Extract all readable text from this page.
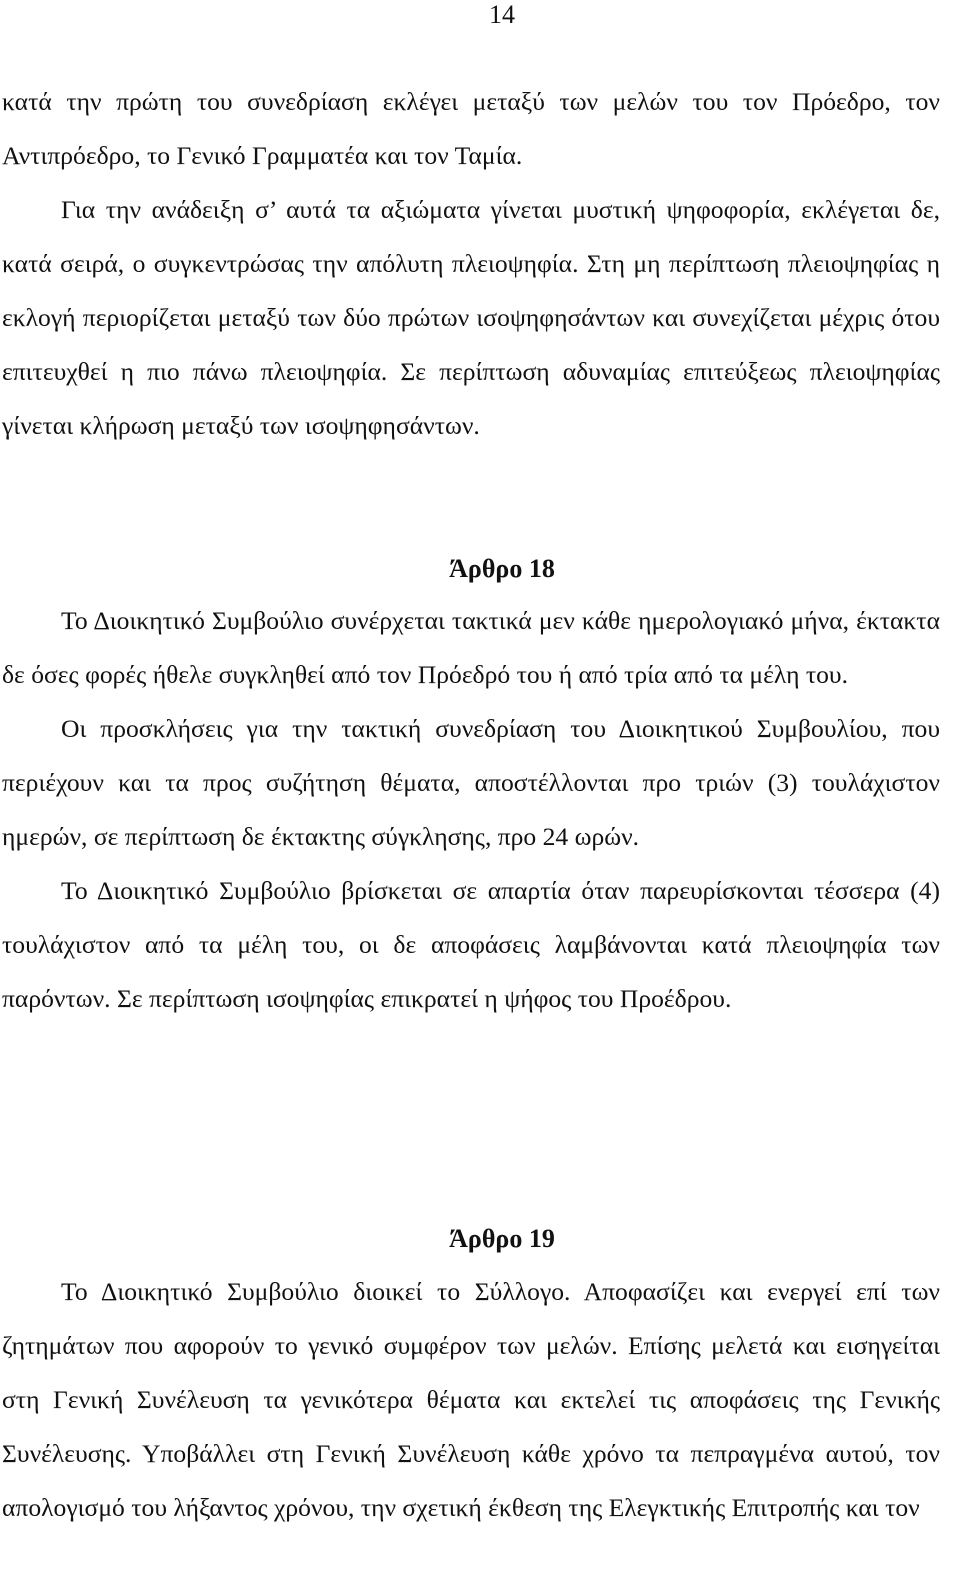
14

κατά την πρώτη του συνεδρίαση εκλέγει μεταξύ των μελών του τον Πρόεδρο, τον Αντιπρόεδρο, το Γενικό Γραμματέα και τον Ταμία.

Για την ανάδειξη σ’ αυτά τα αξιώματα γίνεται μυστική ψηφοφορία, εκλέγεται δε, κατά σειρά, ο συγκεντρώσας την απόλυτη πλειοψηφία. Στη μη περίπτωση πλειοψηφίας η εκλογή περιορίζεται μεταξύ των δύο πρώτων ισοψηφησάντων και συνεχίζεται μέχρις ότου επιτευχθεί η πιο πάνω πλειοψηφία. Σε περίπτωση αδυναμίας επιτεύξεως πλειοψηφίας γίνεται κλήρωση μεταξύ των ισοψηφησάντων.

Άρθρο 18

Το Διοικητικό Συμβούλιο συνέρχεται τακτικά μεν κάθε ημερολογιακό μήνα, έκτακτα δε όσες φορές ήθελε συγκληθεί από τον Πρόεδρό του ή από τρία από τα μέλη του.

Οι προσκλήσεις για την τακτική συνεδρίαση του Διοικητικού Συμβουλίου, που περιέχουν και τα προς συζήτηση θέματα, αποστέλλονται προ τριών (3) τουλάχιστον ημερών, σε περίπτωση δε έκτακτης σύγκλησης, προ 24 ωρών.

Το Διοικητικό Συμβούλιο βρίσκεται σε απαρτία όταν παρευρίσκονται τέσσερα (4) τουλάχιστον από τα μέλη του, οι δε αποφάσεις λαμβάνονται κατά πλειοψηφία των παρόντων. Σε περίπτωση ισοψηφίας επικρατεί η ψήφος του Προέδρου.

Άρθρο 19

Το Διοικητικό Συμβούλιο διοικεί το Σύλλογο. Αποφασίζει και ενεργεί επί των ζητημάτων που αφορούν το γενικό συμφέρον των μελών. Επίσης μελετά και εισηγείται στη Γενική Συνέλευση τα γενικότερα θέματα και εκτελεί τις αποφάσεις της Γενικής Συνέλευσης. Υποβάλλει στη Γενική Συνέλευση κάθε χρόνο τα πεπραγμένα αυτού, τον απολογισμό του λήξαντος χρόνου, την σχετική έκθεση της Ελεγκτικής Επιτροπής και τον
